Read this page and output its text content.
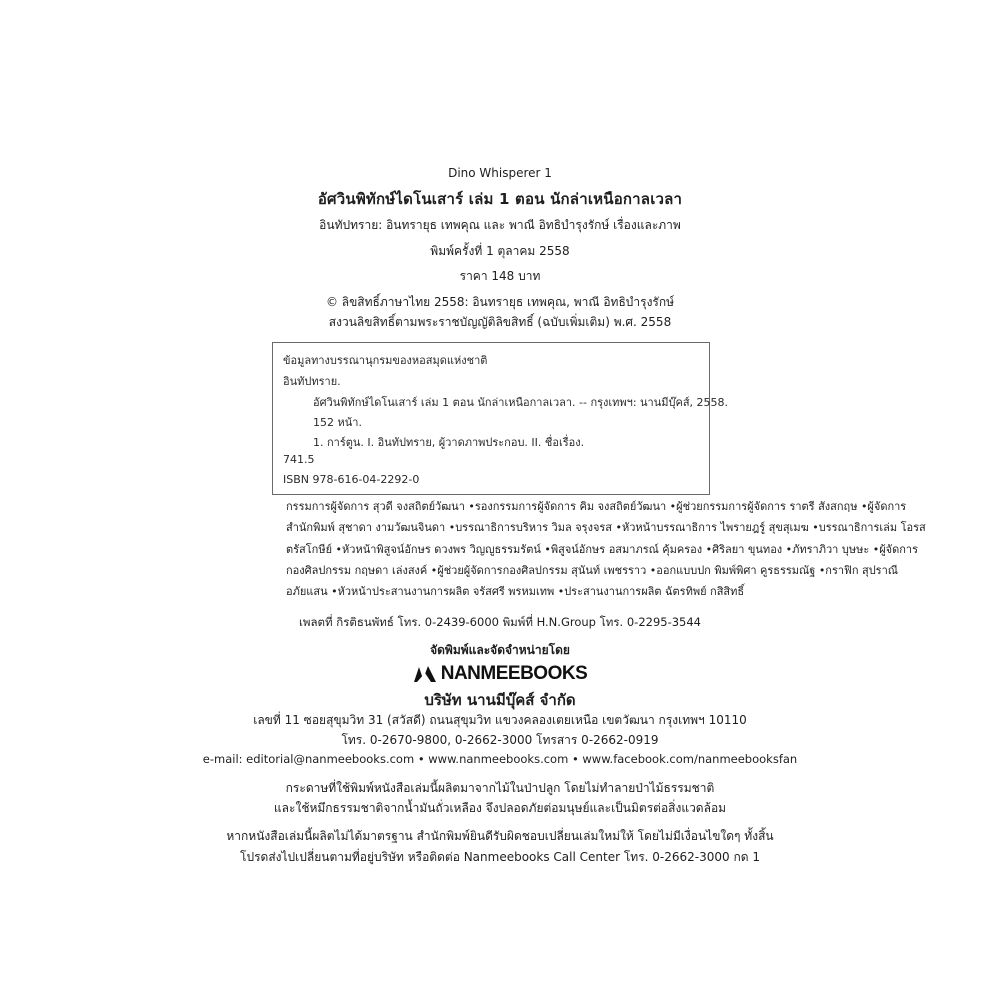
Dino Whisperer 1
อัศวินพิทักษ์ไดโนเสาร์ เล่ม 1 ตอน นักล่าเหนือกาลเวลา
อินทัปทราย: อินทรายุธ เทพคุณ และ พาณี อิทธิบำรุงรักษ์ เรื่องและภาพ
พิมพ์ครั้งที่ 1 ตุลาคม 2558
ราคา 148 บาท
© ลิขสิทธิ์ภาษาไทย 2558: อินทรายุธ เทพคุณ, พาณี อิทธิบำรุงรักษ์
สงวนลิขสิทธิ์ตามพระราชบัญญัติลิขสิทธิ์ (ฉบับเพิ่มเติม) พ.ศ. 2558
ข้อมูลทางบรรณานุกรมของหอสมุดแห่งชาติ
อินทัปทราย.
อัศวินพิทักษ์ไดโนเสาร์ เล่ม 1 ตอน นักล่าเหนือกาลเวลา. -- กรุงเทพฯ: นานมีบุ๊คส์, 2558.
152 หน้า.
1. การ์ตูน. I. อินทัปทราย, ผู้วาดภาพประกอบ. II. ชื่อเรื่อง.
741.5
ISBN 978-616-04-2292-0
กรรมการผู้จัดการ สุวดี จงสถิตย์วัฒนา •รองกรรมการผู้จัดการ คิม จงสถิตย์วัฒนา •ผู้ช่วยกรรมการผู้จัดการ ราตรี สังสกฤษ •ผู้จัดการ
สำนักพิมพ์ สุชาดา งามวัฒนจินดา •บรรณาธิการบริหาร วิมล จรุงจรส •หัวหน้าบรรณาธิการ ไพรายฎรู์ สุขสุเมฆ •บรรณาธิการเล่ม โอรส
ตรัสโกษีย์ •หัวหน้าพิสูจน์อักษร ดวงพร วิญญูธรรมรัตน์ •พิสูจน์อักษร อสมาภรณ์ คุ้มครอง •ศิริลยา ขุนทอง •ภัทราภิวา บุษษะ •ผู้จัดการ
กองศิลปกรรม กฤษดา เล่งสงค์ •ผู้ช่วยผู้จัดการกองศิลปกรรม สุนันท์ เพชรราว •ออกแบบปก พิมพ์พิศา คูรธรรมณัฐ •กราฟิก สุปราณี
อภัยแสน •หัวหน้าประสานงานการผลิต จรัสศรี พรหมเทพ •ประสานงานการผลิต ฉัตรทิพย์ กสิสิทธิ์
เพลตที่ กิรติธนพัทธ์ โทร. 0-2439-6000 พิมพ์ที่ H.N.Group โทร. 0-2295-3544
จัดพิมพ์และจัดจำหน่ายโดย
NANMEEBOOKS
บริษัท นานมีบุ๊คส์ จำกัด
เลขที่ 11 ซอยสุขุมวิท 31 (สวัสดี) ถนนสุขุมวิท แขวงคลองเตยเหนือ เขตวัฒนา กรุงเทพฯ 10110
โทร. 0-2670-9800, 0-2662-3000 โทรสาร 0-2662-0919
e-mail: editorial@nanmeebooks.com • www.nanmeebooks.com • www.facebook.com/nanmeebooksfan
กระดาษที่ใช้พิมพ์หนังสือเล่มนี้ผลิตมาจากไม้ในป่าปลูก โดยไม่ทำลายป่าไม้ธรรมชาติ
และใช้หมึกธรรมชาติจากน้ำมันถั่วเหลือง จึงปลอดภัยต่อมนุษย์และเป็นมิตรต่อสิ่งแวดล้อม
หากหนังสือเล่มนี้ผลิตไม่ได้มาตรฐาน สำนักพิมพ์ยินดีรับผิดชอบเปลี่ยนเล่มใหม่ให้ โดยไม่มีเงื่อนไขใดๆ ทั้งสิ้น
โปรดส่งไปเปลี่ยนตามที่อยู่บริษัท หรือติดต่อ Nanmeebooks Call Center โทร. 0-2662-3000 กด 1
